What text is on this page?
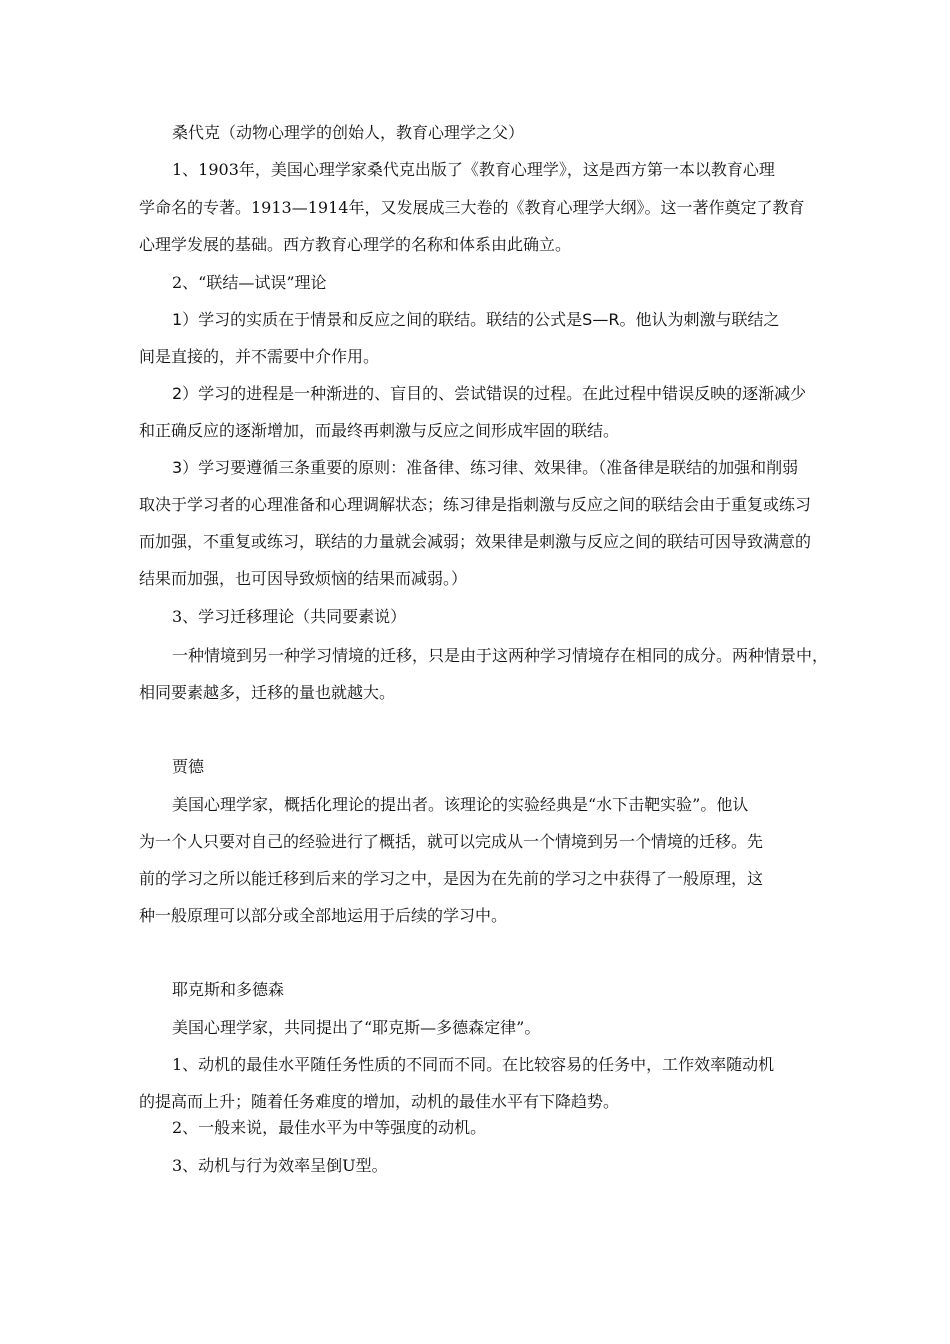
桑代克（动物心理学的创始人，教育心理学之父）
1、1903年，美国心理学家桑代克出版了《教育心理学》，这是西方第一本以教育心理
学命名的专著。1913—1914年，又发展成三大卷的《教育心理学大纲》。这一著作奠定了教育
心理学发展的基础。西方教育心理学的名称和体系由此确立。
2、“联结—试误”理论
1）学习的实质在于情景和反应之间的联结。联结的公式是S—R。他认为刺激与联结之
间是直接的，并不需要中介作用。
2）学习的进程是一种渐进的、盲目的、尝试错误的过程。在此过程中错误反映的逐渐减少
和正确反应的逐渐增加，而最终再刺激与反应之间形成牢固的联结。
3）学习要遵循三条重要的原则：准备律、练习律、效果律。（准备律是联结的加强和削弱
取决于学习者的心理准备和心理调解状态；练习律是指刺激与反应之间的联结会由于重复或练习
而加强，不重复或练习，联结的力量就会减弱；效果律是刺激与反应之间的联结可因导致满意的
结果而加强，也可因导致烦恼的结果而减弱。）
3、学习迁移理论（共同要素说）
一种情境到另一种学习情境的迁移，只是由于这两种学习情境存在相同的成分。两种情景中，
相同要素越多，迁移的量也就越大。
贾德
美国心理学家，概括化理论的提出者。该理论的实验经典是“水下击靶实验”。他认
为一个人只要对自己的经验进行了概括，就可以完成从一个情境到另一个情境的迁移。先
前的学习之所以能迁移到后来的学习之中，是因为在先前的学习之中获得了一般原理，这
种一般原理可以部分或全部地运用于后续的学习中。
耶克斯和多德森
美国心理学家，共同提出了“耶克斯—多德森定律”。
1、动机的最佳水平随任务性质的不同而不同。在比较容易的任务中，工作效率随动机
的提高而上升；随着任务难度的增加，动机的最佳水平有下降趋势。
2、一般来说，最佳水平为中等强度的动机。
3、动机与行为效率呈倒U型。
